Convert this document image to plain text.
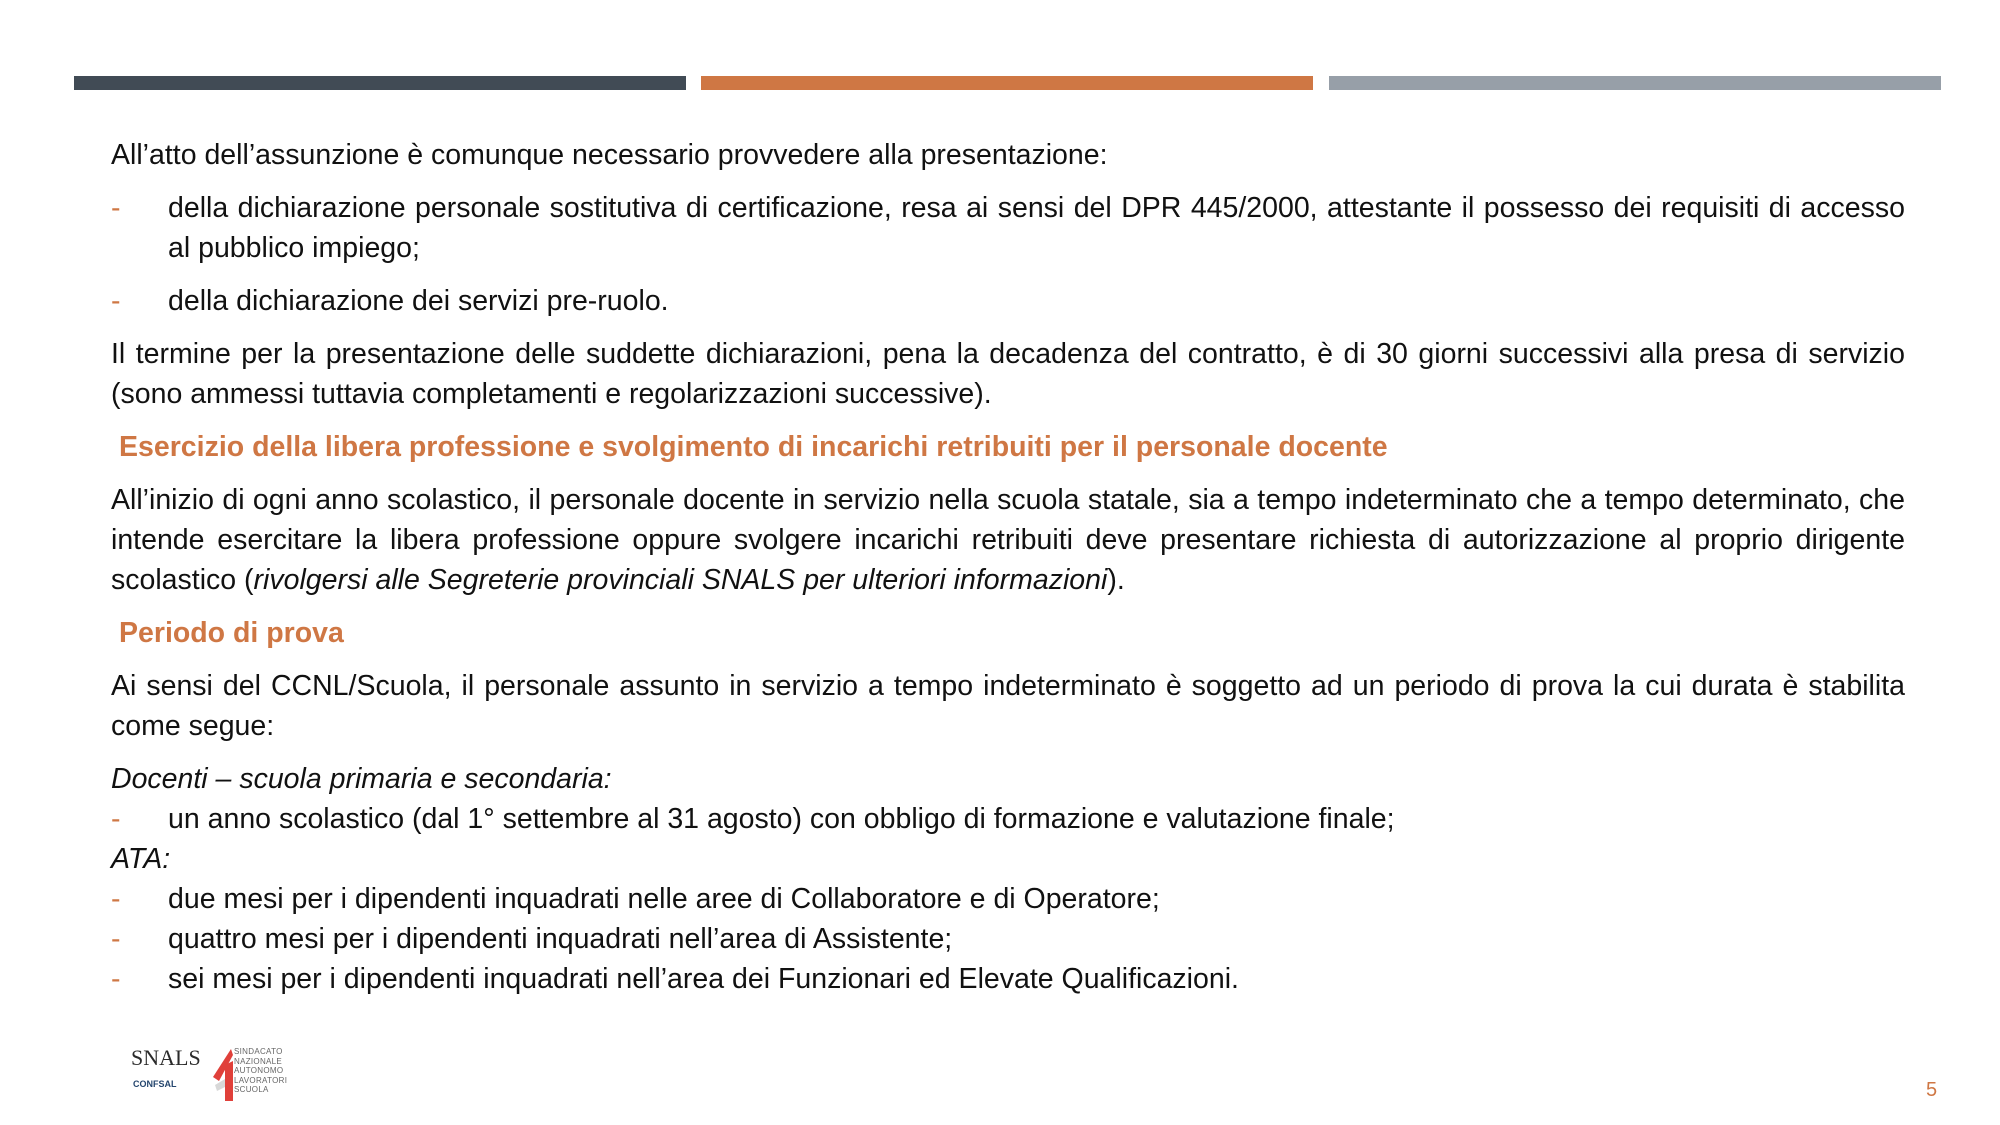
All’atto dell’assunzione è comunque necessario provvedere alla presentazione:

- della dichiarazione personale sostitutiva di certificazione, resa ai sensi del DPR 445/2000, attestante il possesso dei requisiti di accesso al pubblico impiego;
- della dichiarazione dei servizi pre-ruolo.

Il termine per la presentazione delle suddette dichiarazioni, pena la decadenza del contratto, è di 30 giorni successivi alla presa di servizio (sono ammessi tuttavia completamenti e regolarizzazioni successive).

Esercizio della libera professione e svolgimento di incarichi retribuiti per il personale docente

All’inizio di ogni anno scolastico, il personale docente in servizio nella scuola statale, sia a tempo indeterminato che a tempo determinato, che intende esercitare la libera professione oppure svolgere incarichi retribuiti deve presentare richiesta di autorizzazione al proprio dirigente scolastico (rivolgersi alle Segreterie provinciali SNALS per ulteriori informazioni).

Periodo di prova

Ai sensi del CCNL/Scuola, il personale assunto in servizio a tempo indeterminato è soggetto ad un periodo di prova la cui durata è stabilita come segue:

Docenti – scuola primaria e secondaria:

- un anno scolastico (dal 1° settembre al 31 agosto) con obbligo di formazione e valutazione finale;

ATA:

- due mesi per i dipendenti inquadrati nelle aree di Collaboratore e di Operatore;
- quattro mesi per i dipendenti inquadrati nell’area di Assistente;
- sei mesi per i dipendenti inquadrati nell’area dei Funzionari ed Elevate Qualificazioni.
SNALS
CONFSAL
SINDACATO
NAZIONALE
AUTONOMO
LAVORATORI
SCUOLA	5
